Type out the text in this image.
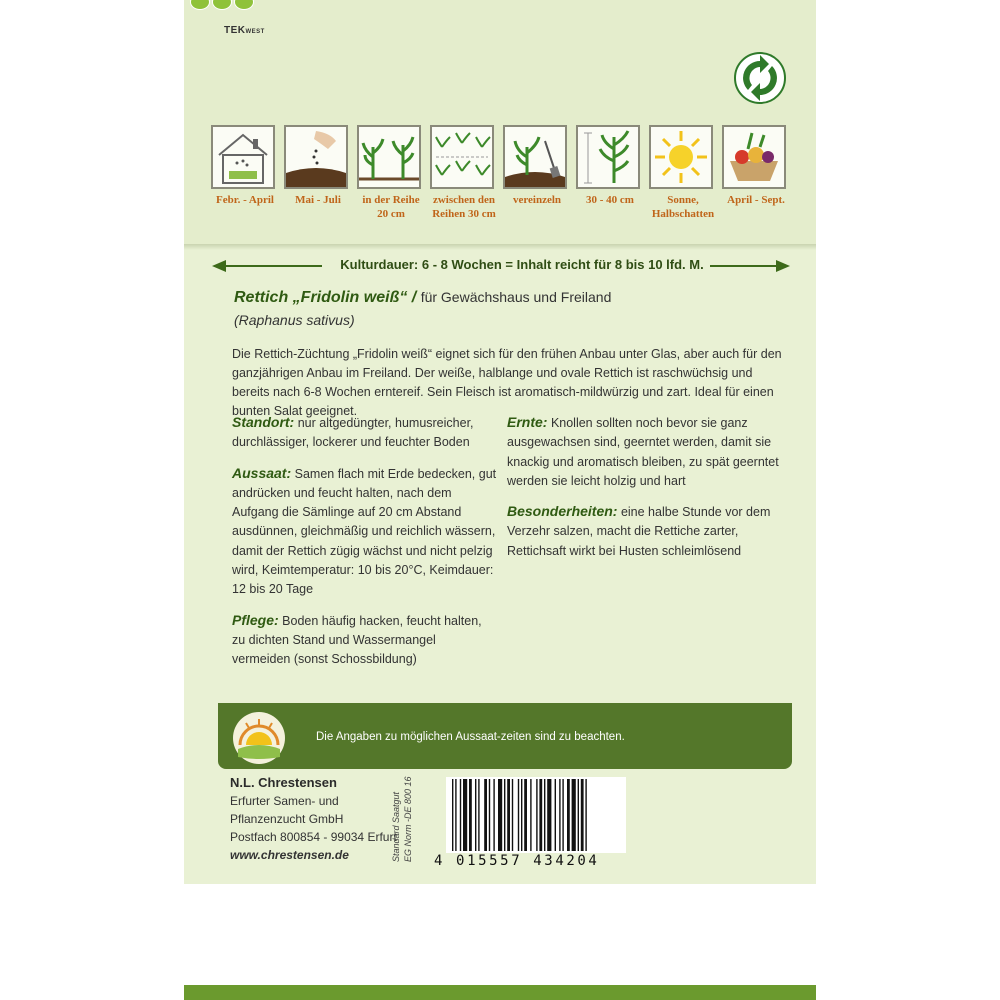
TEKWEST
Febr. - April	Mai - Juli	in der Reihe 20 cm
zwischen den Reihen 30 cm
vereinzeln	30 - 40 cm	Sonne, Halbschatten
April - Sept.
Kulturdauer: 6 - 8 Wochen = Inhalt reicht für 8 bis 10 lfd. M.
Rettich „Fridolin weiß“ / für Gewächshaus und Freiland
(Raphanus sativus)

Die Rettich-Züchtung „Fridolin weiß“ eignet sich für den frühen Anbau unter Glas, aber auch für den ganzjährigen Anbau im Freiland. Der weiße, halblange und ovale Rettich ist raschwüchsig und bereits nach 6-8 Wochen erntereif. Sein Fleisch ist aromatisch-mildwürzig und zart. Ideal für einen bunten Salat geeignet.

Standort: nur altgedüngter, humusreicher, durchlässiger, lockerer und feuchter Boden
Aussaat: Samen flach mit Erde bedecken, gut andrücken und feucht halten, nach dem Aufgang die Sämlinge auf 20 cm Abstand ausdünnen, gleichmäßig und reichlich wässern, damit der Rettich zügig wächst und nicht pelzig wird, Keimtemperatur: 10 bis 20°C, Keimdauer: 12 bis 20 Tage
Pflege: Boden häufig hacken, feucht halten, zu dichten Stand und Wassermangel vermeiden (sonst Schossbildung)
Ernte: Knollen sollten noch bevor sie ganz ausgewachsen sind, geerntet werden, damit sie knackig und aromatisch bleiben, zu spät geerntet werden sie leicht holzig und hart
Besonderheiten: eine halbe Stunde vor dem Verzehr salzen, macht die Rettiche zarter, Rettichsaft wirkt bei Husten schleimlösend
Die Angaben zu möglichen Aussaat-zeiten sind zu beachten.
N.L. Chrestensen
Erfurter Samen- und
Pflanzenzucht GmbH
Postfach 800854 - 99034 Erfurt
www.chrestensen.de	Standard Saatgut EG Norm -DE 800 16 4 015557 434204
